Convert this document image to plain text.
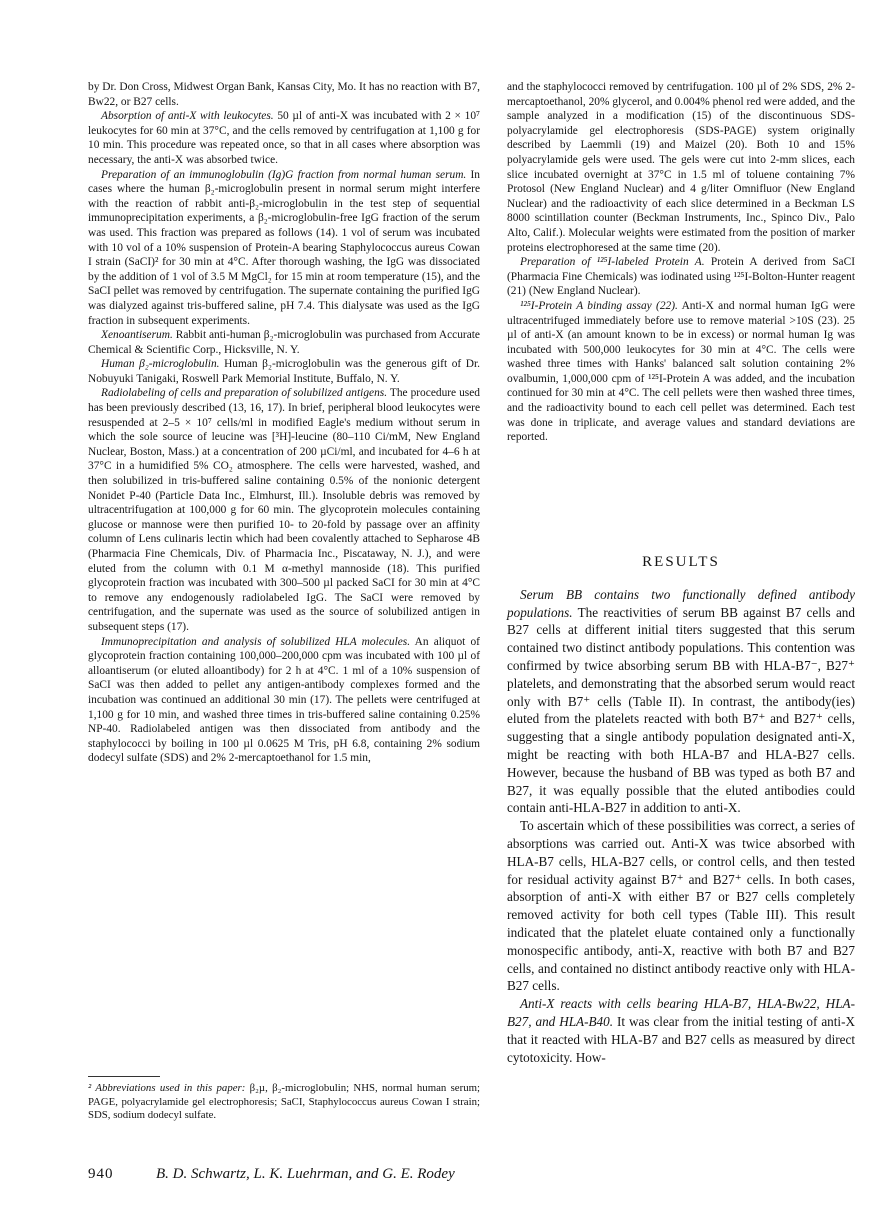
by Dr. Don Cross, Midwest Organ Bank, Kansas City, Mo. It has no reaction with B7, Bw22, or B27 cells.

Absorption of anti-X with leukocytes. 50 µl of anti-X was incubated with 2 × 10⁷ leukocytes for 60 min at 37°C, and the cells removed by centrifugation at 1,100 g for 10 min. This procedure was repeated once, so that in all cases where absorption was necessary, the anti-X was absorbed twice.

Preparation of an immunoglobulin (Ig)G fraction from normal human serum. In cases where the human β₂-microglobulin present in normal serum might interfere with the reaction of rabbit anti-β₂-microglobulin in the test step of sequential immunoprecipitation experiments, a β₂-microglobulin-free IgG fraction of the serum was used. This fraction was prepared as follows (14). 1 vol of serum was incubated with 10 vol of a 10% suspension of Protein-A bearing Staphylococcus aureus Cowan I strain (SaCI)² for 30 min at 4°C. After thorough washing, the IgG was dissociated by the addition of 1 vol of 3.5 M MgCl₂ for 15 min at room temperature (15), and the SaCI pellet was removed by centrifugation. The supernate containing the purified IgG was dialyzed against tris-buffered saline, pH 7.4. This dialysate was used as the IgG fraction in subsequent experiments.

Xenoantiserum. Rabbit anti-human β₂-microglobulin was purchased from Accurate Chemical & Scientific Corp., Hicksville, N. Y.

Human β₂-microglobulin. Human β₂-microglobulin was the generous gift of Dr. Nobuyuki Tanigaki, Roswell Park Memorial Institute, Buffalo, N. Y.

Radiolabeling of cells and preparation of solubilized antigens. The procedure used has been previously described (13, 16, 17). In brief, peripheral blood leukocytes were resuspended at 2–5 × 10⁷ cells/ml in modified Eagle's medium without serum in which the sole source of leucine was [³H]-leucine (80–110 Ci/mM, New England Nuclear, Boston, Mass.) at a concentration of 200 µCi/ml, and incubated for 4–6 h at 37°C in a humidified 5% CO₂ atmosphere. The cells were harvested, washed, and then solubilized in tris-buffered saline containing 0.5% of the nonionic detergent Nonidet P-40 (Particle Data Inc., Elmhurst, Ill.). Insoluble debris was removed by ultracentrifugation at 100,000 g for 60 min. The glycoprotein molecules containing glucose or mannose were then purified 10- to 20-fold by passage over an affinity column of Lens culinaris lectin which had been covalently attached to Sepharose 4B (Pharmacia Fine Chemicals, Div. of Pharmacia Inc., Piscataway, N. J.), and were eluted from the column with 0.1 M α-methyl mannoside (18). This purified glycoprotein fraction was incubated with 300–500 µl packed SaCI for 30 min at 4°C to remove any endogenously radiolabeled IgG. The SaCI were removed by centrifugation, and the supernate was used as the source of solubilized antigen in subsequent steps (17).

Immunoprecipitation and analysis of solubilized HLA molecules. An aliquot of glycoprotein fraction containing 100,000–200,000 cpm was incubated with 100 µl of alloantiserum (or eluted alloantibody) for 2 h at 4°C. 1 ml of a 10% suspension of SaCI was then added to pellet any antigen-antibody complexes formed and the incubation was continued an additional 30 min (17). The pellets were centrifuged at 1,100 g for 10 min, and washed three times in tris-buffered saline containing 0.25% NP-40. Radiolabeled antigen was then dissociated from antibody and the staphylococci by boiling in 100 µl 0.0625 M Tris, pH 6.8, containing 2% sodium dodecyl sulfate (SDS) and 2% 2-mercaptoethanol for 1.5 min,

² Abbreviations used in this paper: β₂µ, β₂-microglobulin; NHS, normal human serum; PAGE, polyacrylamide gel electrophoresis; SaCI, Staphylococcus aureus Cowan I strain; SDS, sodium dodecyl sulfate.

and the staphylococci removed by centrifugation. 100 µl of 2% SDS, 2% 2-mercaptoethanol, 20% glycerol, and 0.004% phenol red were added, and the sample analyzed in a modification (15) of the discontinuous SDS-polyacrylamide gel electrophoresis (SDS-PAGE) system originally described by Laemmli (19) and Maizel (20). Both 10 and 15% polyacrylamide gels were used. The gels were cut into 2-mm slices, each slice incubated overnight at 37°C in 1.5 ml of toluene containing 7% Protosol (New England Nuclear) and 4 g/liter Omnifluor (New England Nuclear) and the radioactivity of each slice determined in a Beckman LS 8000 scintillation counter (Beckman Instruments, Inc., Spinco Div., Palo Alto, Calif.). Molecular weights were estimated from the position of marker proteins electrophoresed at the same time (20).

Preparation of ¹²⁵I-labeled Protein A. Protein A derived from SaCI (Pharmacia Fine Chemicals) was iodinated using ¹²⁵I-Bolton-Hunter reagent (21) (New England Nuclear).

¹²⁵I-Protein A binding assay (22). Anti-X and normal human IgG were ultracentrifuged immediately before use to remove material >10S (23). 25 µl of anti-X (an amount known to be in excess) or normal human Ig was incubated with 500,000 leukocytes for 30 min at 4°C. The cells were washed three times with Hanks' balanced salt solution containing 2% ovalbumin, 1,000,000 cpm of ¹²⁵I-Protein A was added, and the incubation continued for 30 min at 4°C. The cell pellets were then washed three times, and the radioactivity bound to each cell pellet was determined. Each test was done in triplicate, and average values and standard deviations are reported.

RESULTS

Serum BB contains two functionally defined antibody populations. The reactivities of serum BB against B7 cells and B27 cells at different initial titers suggested that this serum contained two distinct antibody populations. This contention was confirmed by twice absorbing serum BB with HLA-B7⁻, B27⁺ platelets, and demonstrating that the absorbed serum would react only with B7⁺ cells (Table II). In contrast, the antibody(ies) eluted from the platelets reacted with both B7⁺ and B27⁺ cells, suggesting that a single antibody population designated anti-X, might be reacting with both HLA-B7 and HLA-B27 cells. However, because the husband of BB was typed as both B7 and B27, it was equally possible that the eluted antibodies could contain anti-HLA-B27 in addition to anti-X.

To ascertain which of these possibilities was correct, a series of absorptions was carried out. Anti-X was twice absorbed with HLA-B7 cells, HLA-B27 cells, or control cells, and then tested for residual activity against B7⁺ and B27⁺ cells. In both cases, absorption of anti-X with either B7 or B27 cells completely removed activity for both cell types (Table III). This result indicated that the platelet eluate contained only a functionally monospecific antibody, anti-X, reactive with both B7 and B27 cells, and contained no distinct antibody reactive only with HLA-B27 cells.

Anti-X reacts with cells bearing HLA-B7, HLA-Bw22, HLA-B27, and HLA-B40. It was clear from the initial testing of anti-X that it reacted with HLA-B7 and B27 cells as measured by direct cytotoxicity. How-

940	B. D. Schwartz, L. K. Luehrman, and G. E. Rodey
